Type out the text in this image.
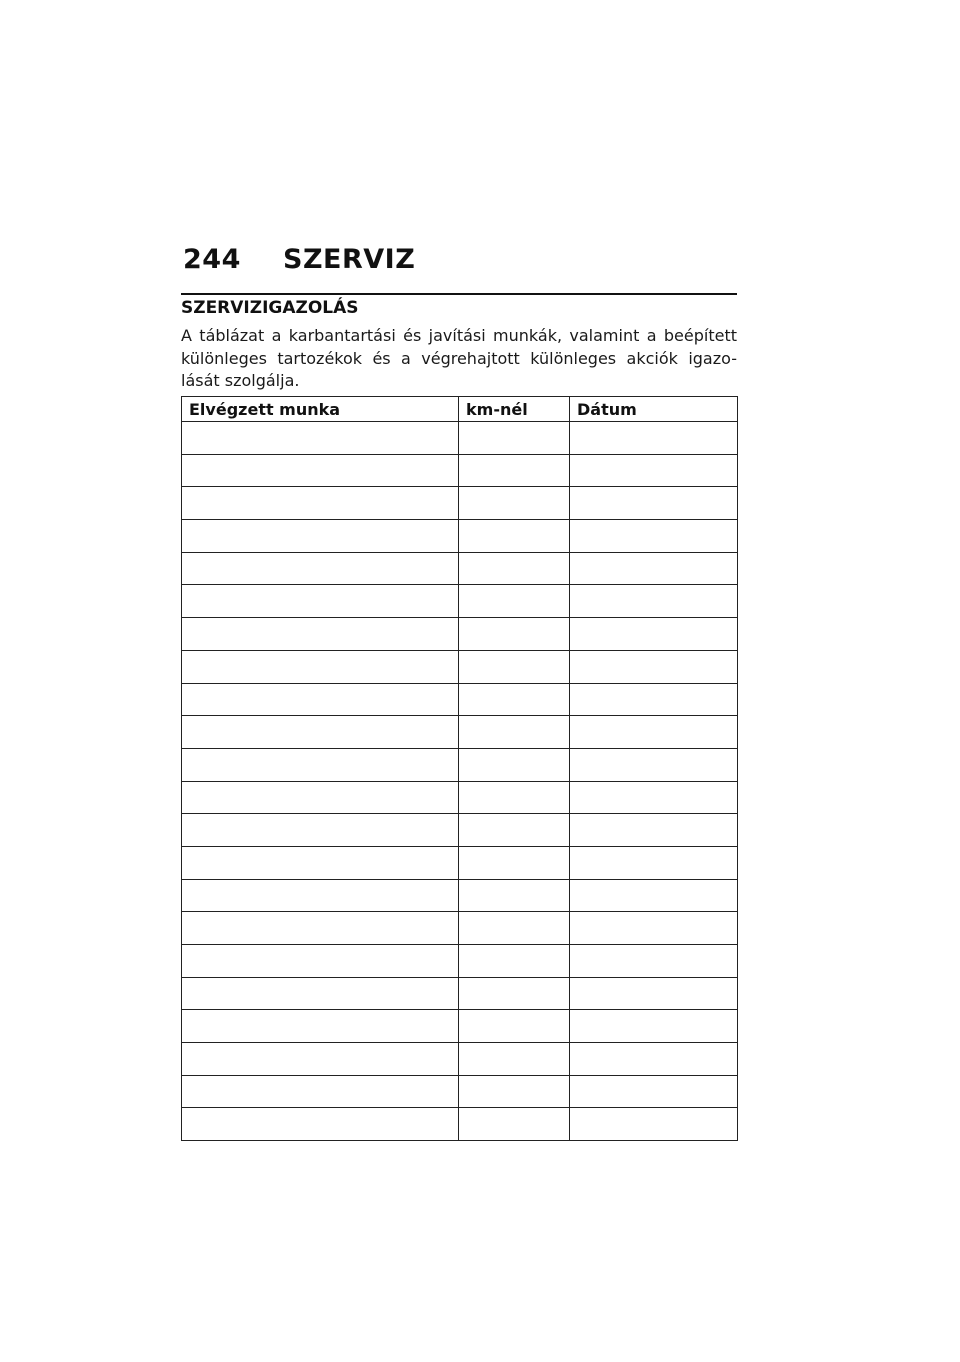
244	SZERVIZ
SZERVIZIGAZOLÁS
A táblázat a karbantartási és javítási munkák, valamint a beépített
különleges tartozékok és a végrehajtott különleges akciók igazo-
lását szolgálja.
Elvégzett munka	km-nél	Dátum
